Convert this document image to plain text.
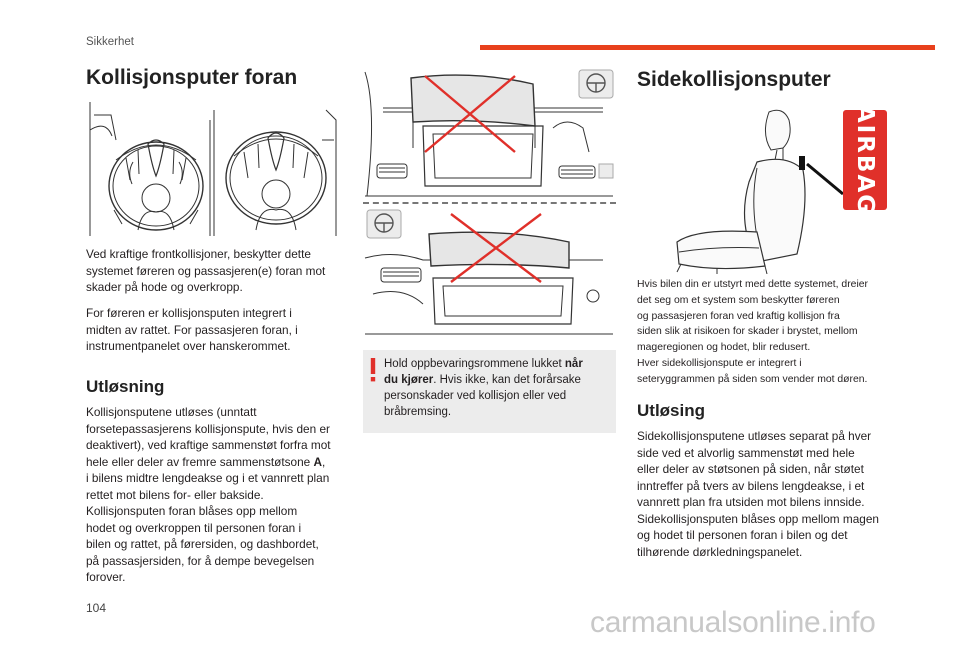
Sikkerhet
Kollisjonsputer foran
Ved kraftige frontkollisjoner, beskytter dette
systemet føreren og passasjeren(e) foran mot
skader på hode og overkropp.
For føreren er kollisjonsputen integrert i
midten av rattet. For passasjeren foran, i
instrumentpanelet over hanskerommet.
Utløsning
Kollisjonsputene utløses (unntatt
forsetepassasjerens kollisjonspute, hvis den er
deaktivert), ved kraftige sammenstøt forfra mot
hele eller deler av fremre sammenstøtsone A,
i bilens midtre lengdeakse og i et vannrett plan
rettet mot bilens for- eller bakside.
Kollisjonsputen foran blåses opp mellom
hodet og overkroppen til personen foran i
bilen og rattet, på førersiden, og dashbordet,
på passasjersiden, for å dempe bevegelsen
forover.
Hold oppbevaringsrommene lukket når
du kjører. Hvis ikke, kan det forårsake
personskader ved kollisjon eller ved
bråbremsing.
Sidekollisjonsputer
AIRBAG
Hvis bilen din er utstyrt med dette systemet, dreier
det seg om et system som beskytter føreren
og passasjeren foran ved kraftig kollisjon fra
siden slik at risikoen for skader i brystet, mellom
mageregionen og hodet, blir redusert.
Hver sidekollisjonspute er integrert i
seteryggrammen på siden som vender mot døren.
Utløsing
Sidekollisjonsputene utløses separat på hver
side ved et alvorlig sammenstøt med hele
eller deler av støtsonen på siden, når støtet
inntreffer på tvers av bilens lengdeakse, i et
vannrett plan fra utsiden mot bilens innside.
Sidekollisjonsputen blåses opp mellom magen
og hodet til personen foran i bilen og det
tilhørende dørkledningspanelet.
104	carmanualsonline.info
